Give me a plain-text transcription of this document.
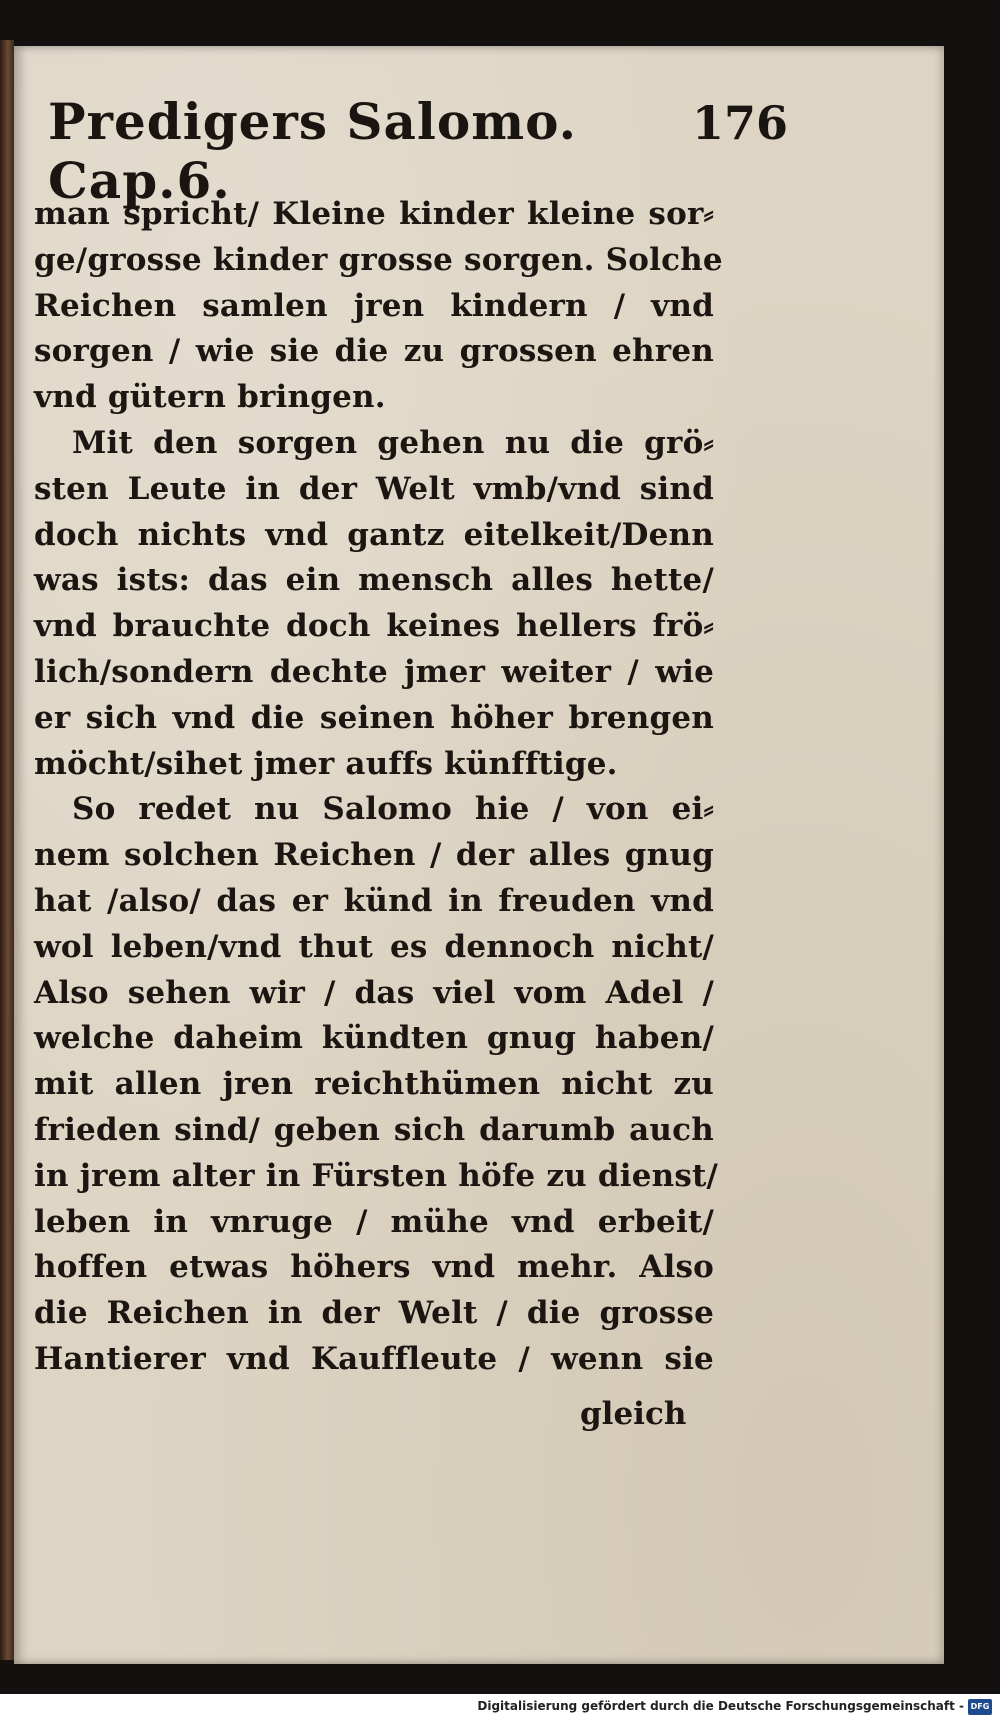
Predigers Salomo. Cap.6.
176
man spricht/ Kleine kinder kleine sor⸗
ge/grosse kinder grosse sorgen. Solche
Reichen samlen jren kindern / vnd
sorgen / wie sie die zu grossen ehren
vnd gütern bringen.
Mit den sorgen gehen nu die grö⸗
sten Leute in der Welt vmb/vnd sind
doch nichts vnd gantz eitelkeit/Denn
was ists: das ein mensch alles hette/
vnd brauchte doch keines hellers frö⸗
lich/sondern dechte jmer weiter / wie
er sich vnd die seinen höher brengen
möcht/sihet jmer auffs künfftige.
So redet nu Salomo hie / von ei⸗
nem solchen Reichen / der alles gnug
hat /also/ das er künd in freuden vnd
wol leben/vnd thut es dennoch nicht/
Also sehen wir / das viel vom Adel /
welche daheim kündten gnug haben/
mit allen jren reichthümen nicht zu
frieden sind/ geben sich darumb auch
in jrem alter in Fürsten höfe zu dienst/
leben in vnruge / mühe vnd erbeit/
hoffen etwas höhers vnd mehr. Also
die Reichen in der Welt / die grosse
Hantierer vnd Kauffleute / wenn sie
gleich
Digitalisierung gefördert durch die Deutsche Forschungsgemeinschaft - DFG
